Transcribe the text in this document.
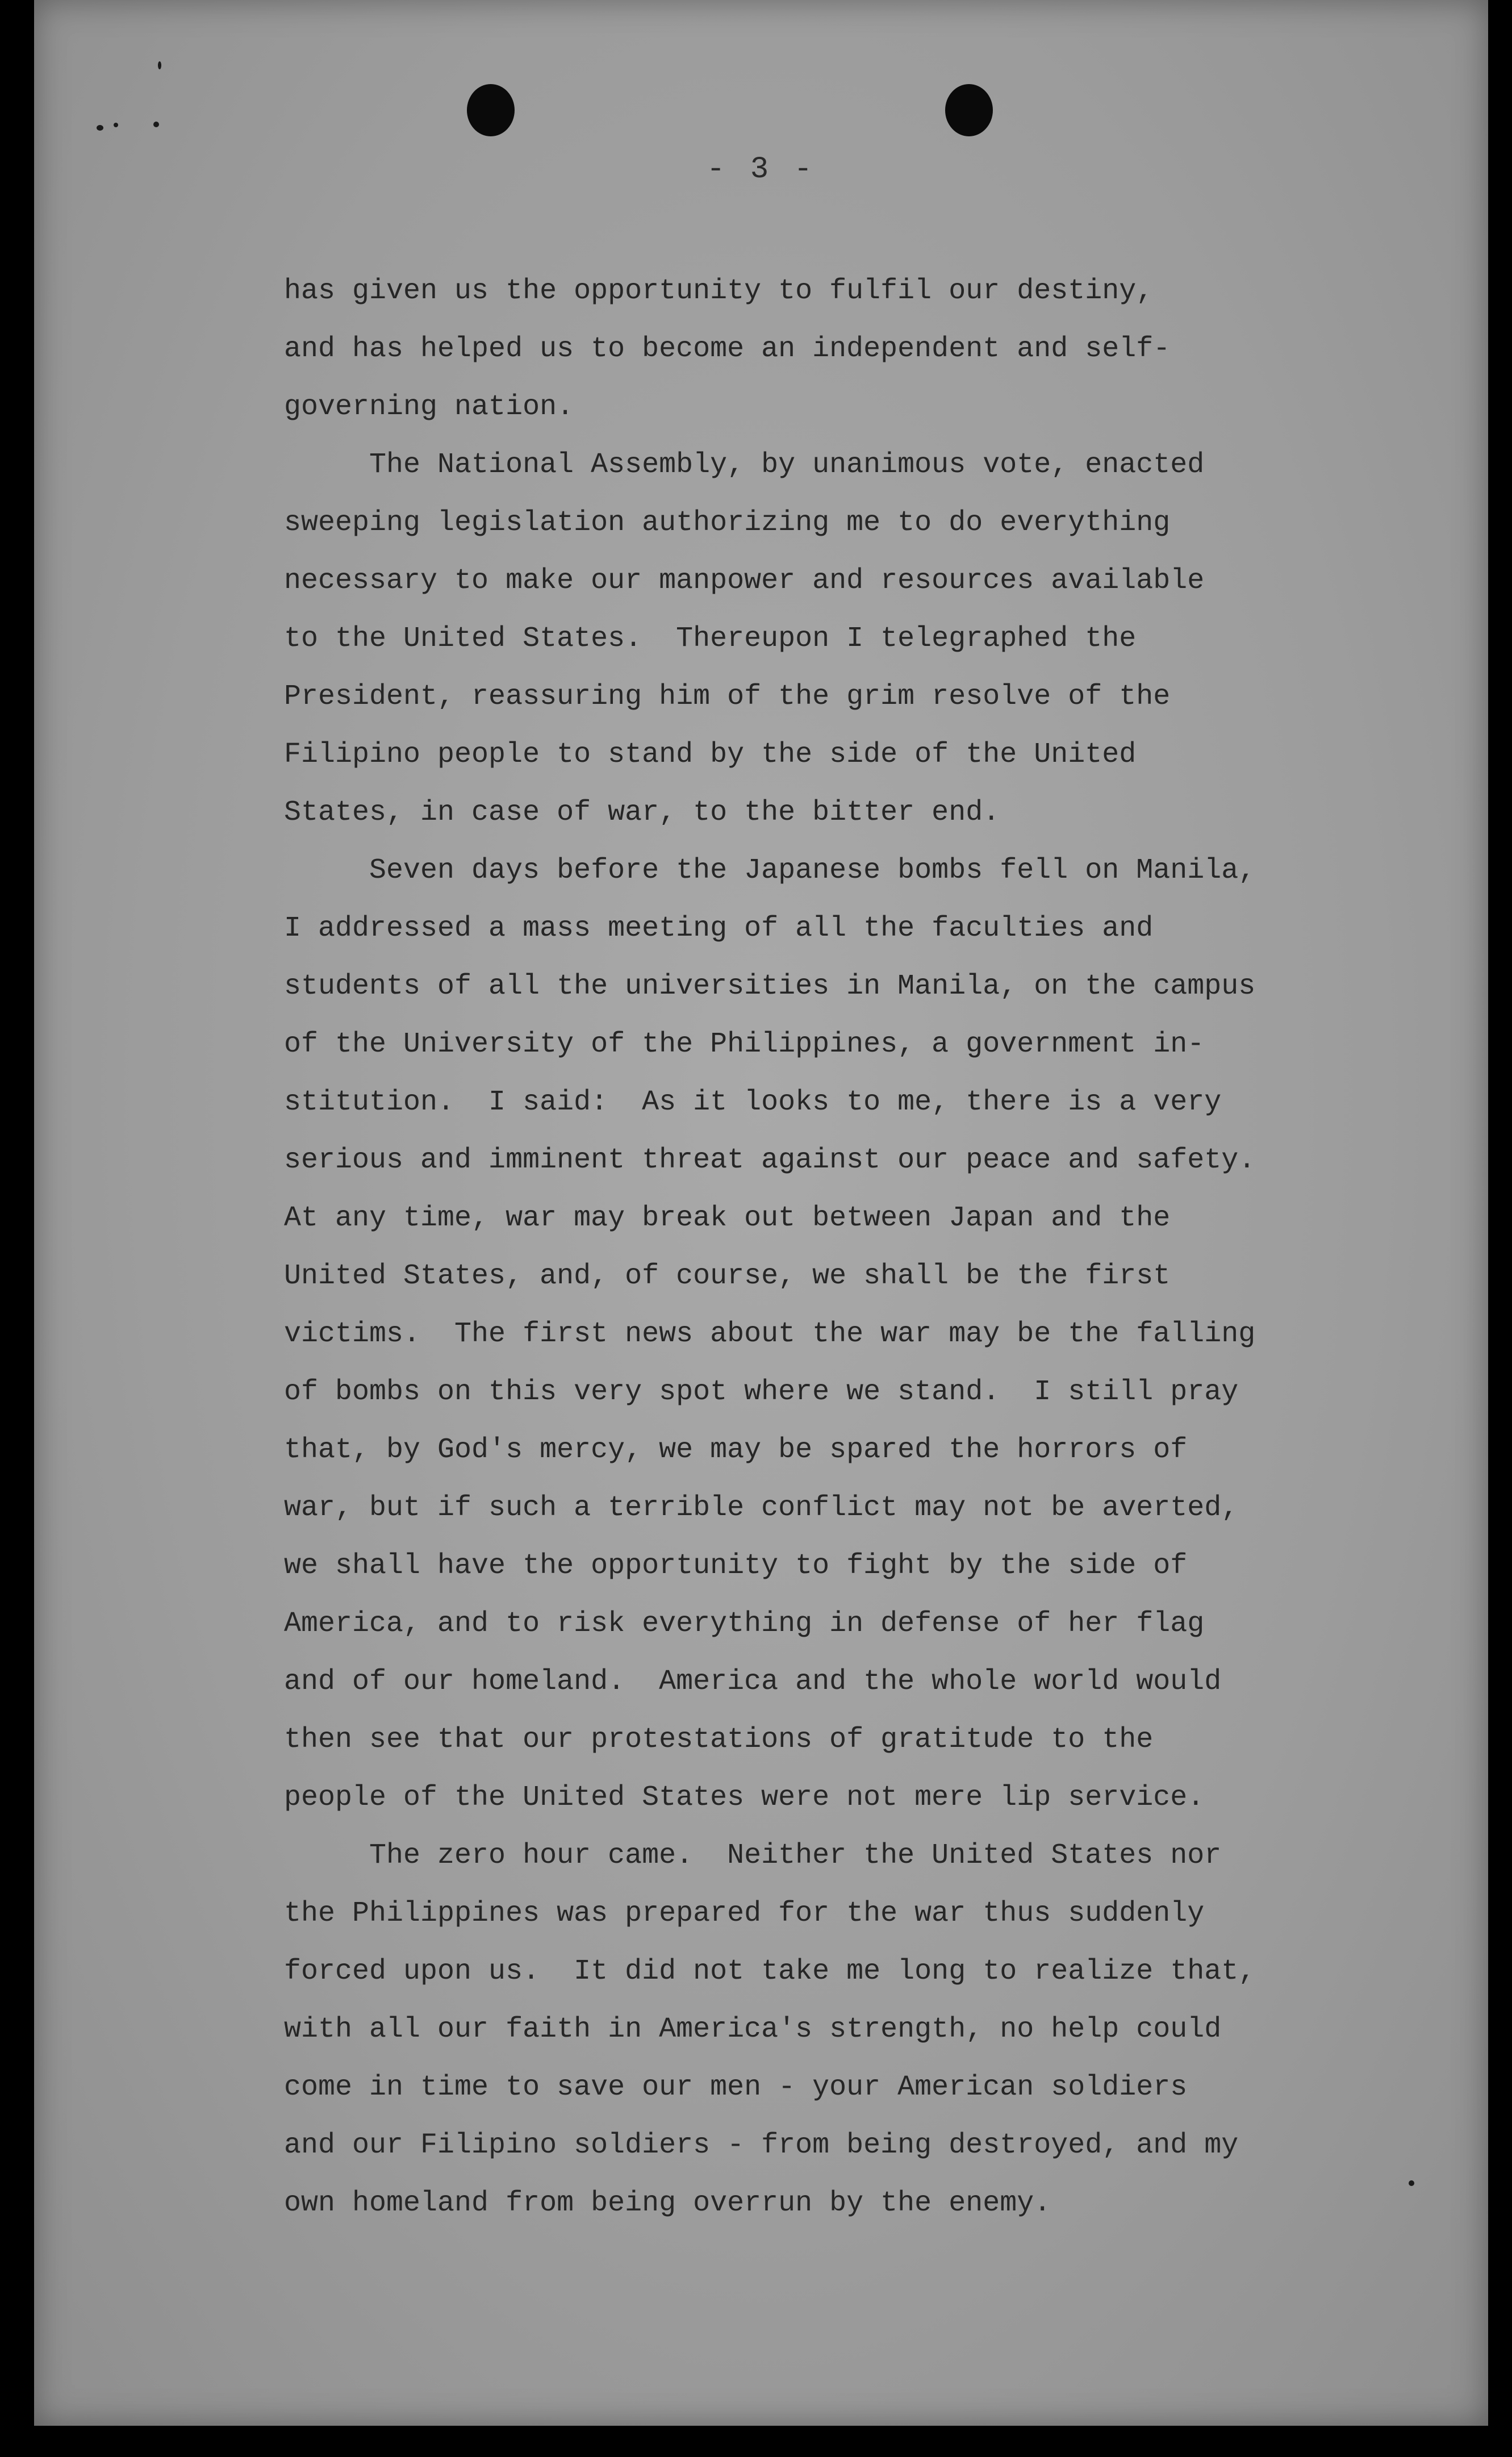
- 3 -
has given us the opportunity to fulfil our destiny,
and has helped us to become an independent and self-
governing nation.
The National Assembly, by unanimous vote, enacted
sweeping legislation authorizing me to do everything
necessary to make our manpower and resources available
to the United States.  Thereupon I telegraphed the
President, reassuring him of the grim resolve of the
Filipino people to stand by the side of the United
States, in case of war, to the bitter end.
Seven days before the Japanese bombs fell on Manila,
I addressed a mass meeting of all the faculties and
students of all the universities in Manila, on the campus
of the University of the Philippines, a government in-
stitution.  I said:  As it looks to me, there is a very
serious and imminent threat against our peace and safety.
At any time, war may break out between Japan and the
United States, and, of course, we shall be the first
victims.  The first news about the war may be the falling
of bombs on this very spot where we stand.  I still pray
that, by God's mercy, we may be spared the horrors of
war, but if such a terrible conflict may not be averted,
we shall have the opportunity to fight by the side of
America, and to risk everything in defense of her flag
and of our homeland.  America and the whole world would
then see that our protestations of gratitude to the
people of the United States were not mere lip service.
The zero hour came.  Neither the United States nor
the Philippines was prepared for the war thus suddenly
forced upon us.  It did not take me long to realize that,
with all our faith in America's strength, no help could
come in time to save our men - your American soldiers
and our Filipino soldiers - from being destroyed, and my
own homeland from being overrun by the enemy.
